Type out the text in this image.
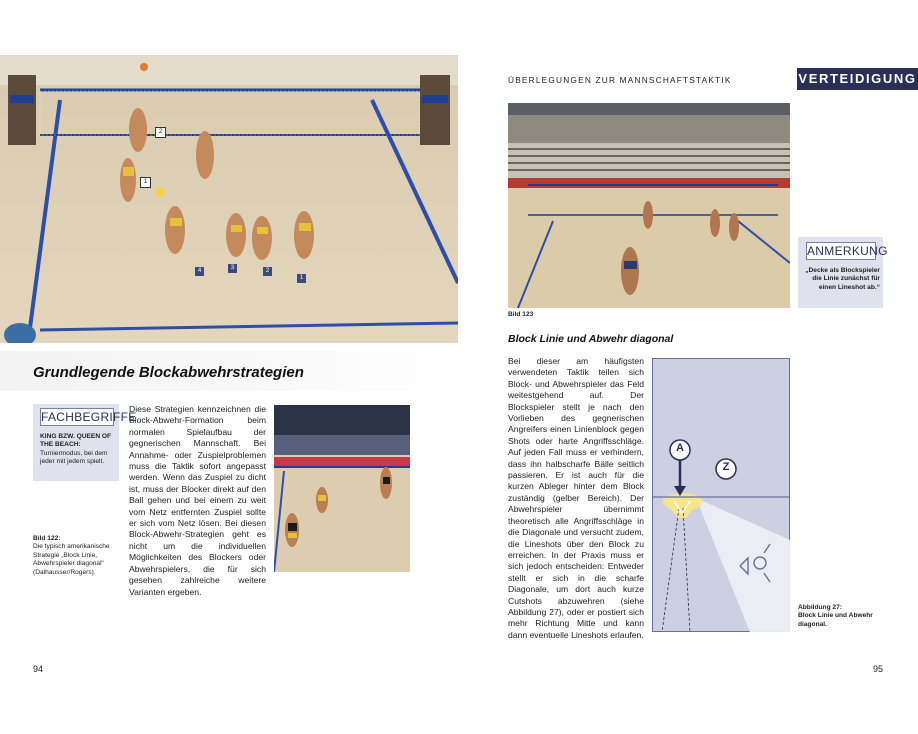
2
1
4	3	2
1
Grundlegende Blockabwehrstrategien
FACHBEGRIFFE
KING BZW. QUEEN OF THE BEACH: Turniermodus, bei dem jeder mit jedem spielt.
Bild 122:
Die typisch amerikanische Strategie „Block Linie, Abwehrspieler diagonal“ (Dalhausser/Rogers).
Diese Strategien kennzeichnen die Block-Abwehr-Formation beim normalen Spielaufbau der gegnerischen Mannschaft. Bei Annahme- oder Zuspielproblemen muss die Taktik sofort angepasst werden. Wenn das Zuspiel zu dicht ist, muss der Blocker direkt auf den Ball gehen und bei einem zu weit vom Netz entfernten Zuspiel sollte er sich vom Netz lösen. Bei diesen Block-Abwehr-Strategien geht es nicht um die individuellen Möglichkeiten des Blockers oder Abwehrspielers, die für sich gesehen zahlreiche weitere Varianten ergeben.
94
ÜBERLEGUNGEN ZUR MANNSCHAFTSTAKTIK	VERTEIDIGUNG
Bild 123
ANMERKUNG
„Decke als Blockspieler die Linie zunächst für einen Lineshot ab.“
Block Linie und Abwehr diagonal
Bei dieser am häufigsten verwendeten Taktik teilen sich Block- und Abwehrspieler das Feld weitestgehend auf. Der Blockspieler stellt je nach den Vorlieben des gegnerischen Angreifers einen Linienblock gegen Shots oder harte Angriffsschläge. Auf jeden Fall muss er verhindern, dass ihn halbscharfe Bälle seitlich passieren. Er ist auch für die kurzen Ableger hinter dem Block zuständig (gelber Bereich). Der Abwehrspieler übernimmt theoretisch alle Angriffsschläge in die Diagonale und versucht zudem, die Lineshots über den Block zu erreichen. In der Praxis muss er sich jedoch entscheiden: Entweder stellt er sich in die scharfe Diagonale, um dort auch kurze Cutshots abzuwehren (siehe Abbildung 27), oder er postiert sich mehr Richtung Mitte und kann dann eventuelle Lineshots erlaufen.
A
Z
Abbildung 27:
Block Linie und Abwehr diagonal.
95
